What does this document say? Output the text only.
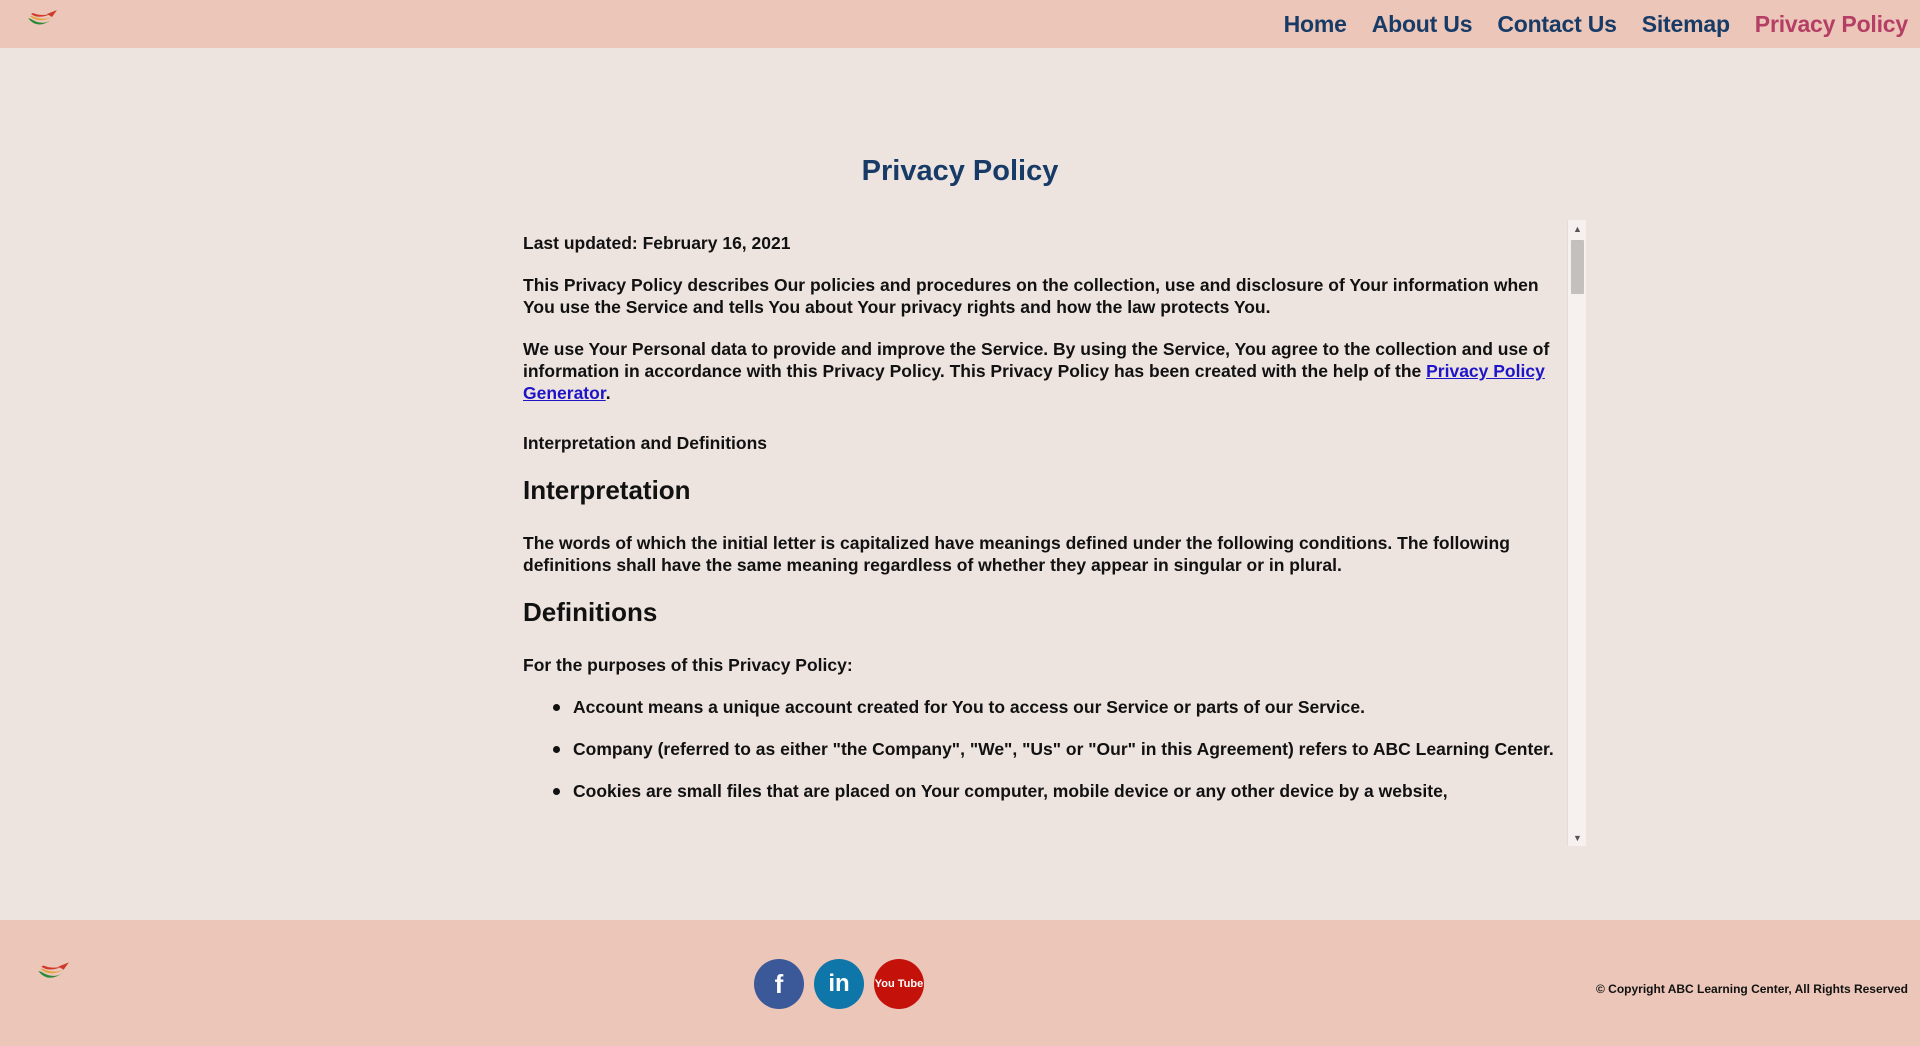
Home About Us Contact Us Sitemap Privacy Policy
Privacy Policy

Last updated: February 16, 2021

This Privacy Policy describes Our policies and procedures on the collection, use and disclosure of Your information when You use the Service and tells You about Your privacy rights and how the law protects You.

We use Your Personal data to provide and improve the Service. By using the Service, You agree to the collection and use of information in accordance with this Privacy Policy. This Privacy Policy has been created with the help of the Privacy Policy Generator.

Interpretation and Definitions

Interpretation

The words of which the initial letter is capitalized have meanings defined under the following conditions. The following definitions shall have the same meaning regardless of whether they appear in singular or in plural.

Definitions

For the purposes of this Privacy Policy:

Account means a unique account created for You to access our Service or parts of our Service.
Company (referred to as either "the Company", "We", "Us" or "Our" in this Agreement) refers to ABC Learning Center.
Cookies are small files that are placed on Your computer, mobile device or any other device by a website,
▲
▼
f	in	You Tube	© Copyright ABC Learning Center, All Rights Reserved
